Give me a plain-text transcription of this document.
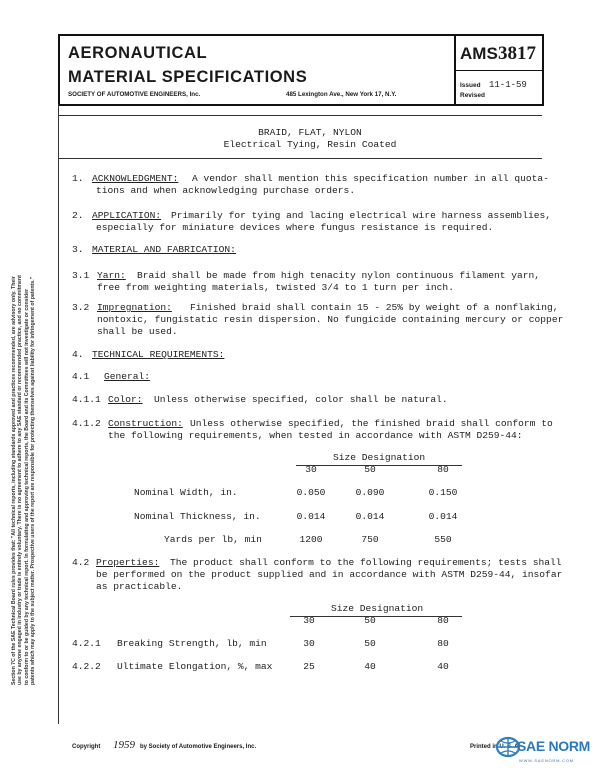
Section 7C of the SAE Technical Board rules provides that: "All technical reports, including standards approved and practices recommended, are advisory only. Their use by anyone engaged in industry or trade is entirely voluntary. There is no agreement to adhere to any SAE standard or recommended practice, and no commitment to conform to or be guided by any technical report. In formulating and approving technical reports, the Board and its Committees will not investigate or consider patents which may apply to the subject matter. Prospective users of the report are responsible for protecting themselves against liability for infringement of patents."
AERONAUTICAL
MATERIAL SPECIFICATIONS
SOCIETY OF AUTOMOTIVE ENGINEERS, Inc.	485 Lexington Ave., New York 17, N.Y.
AMS 3817
Issued 11-1-59
Revised
BRAID, FLAT, NYLON
Electrical Tying, Resin Coated
1. ACKNOWLEDGMENT: A vendor shall mention this specification number in all quota-
tions and when acknowledging purchase orders.
2. APPLICATION: Primarily for tying and lacing electrical wire harness assemblies,
especially for miniature devices where fungus resistance is required.
3. MATERIAL AND FABRICATION:
3.1 Yarn: Braid shall be made from high tenacity nylon continuous filament yarn,
free from weighting materials, twisted 3/4 to 1 turn per inch.
3.2 Impregnation: Finished braid shall contain 15 - 25% by weight of a nonflaking,
nontoxic, fungistatic resin dispersion. No fungicide containing mercury or copper
shall be used.
4. TECHNICAL REQUIREMENTS:
4.1 General:
4.1.1 Color: Unless otherwise specified, color shall be natural.
4.1.2 Construction: Unless otherwise specified, the finished braid shall conform to
the following requirements, when tested in accordance with ASTM D259-44:
Size Designation
30	50	80
Nominal Width, in.	0.050	0.090	0.150
Nominal Thickness, in.	0.014	0.014	0.014
Yards per lb, min	1200	750	550
4.2 Properties: The product shall conform to the following requirements; tests shall
be performed on the product supplied and in accordance with ASTM D259-44, insofar
as practicable.
Size Designation
30	50	80
4.2.1 Breaking Strength, lb, min	30	50	80
4.2.2 Ultimate Elongation, %, max	25	40	40
Copyright 1959 by Society of Automotive Engineers, Inc.	Printed in U. S. A.
SAE NORM
WWW.SAENORM.COM
